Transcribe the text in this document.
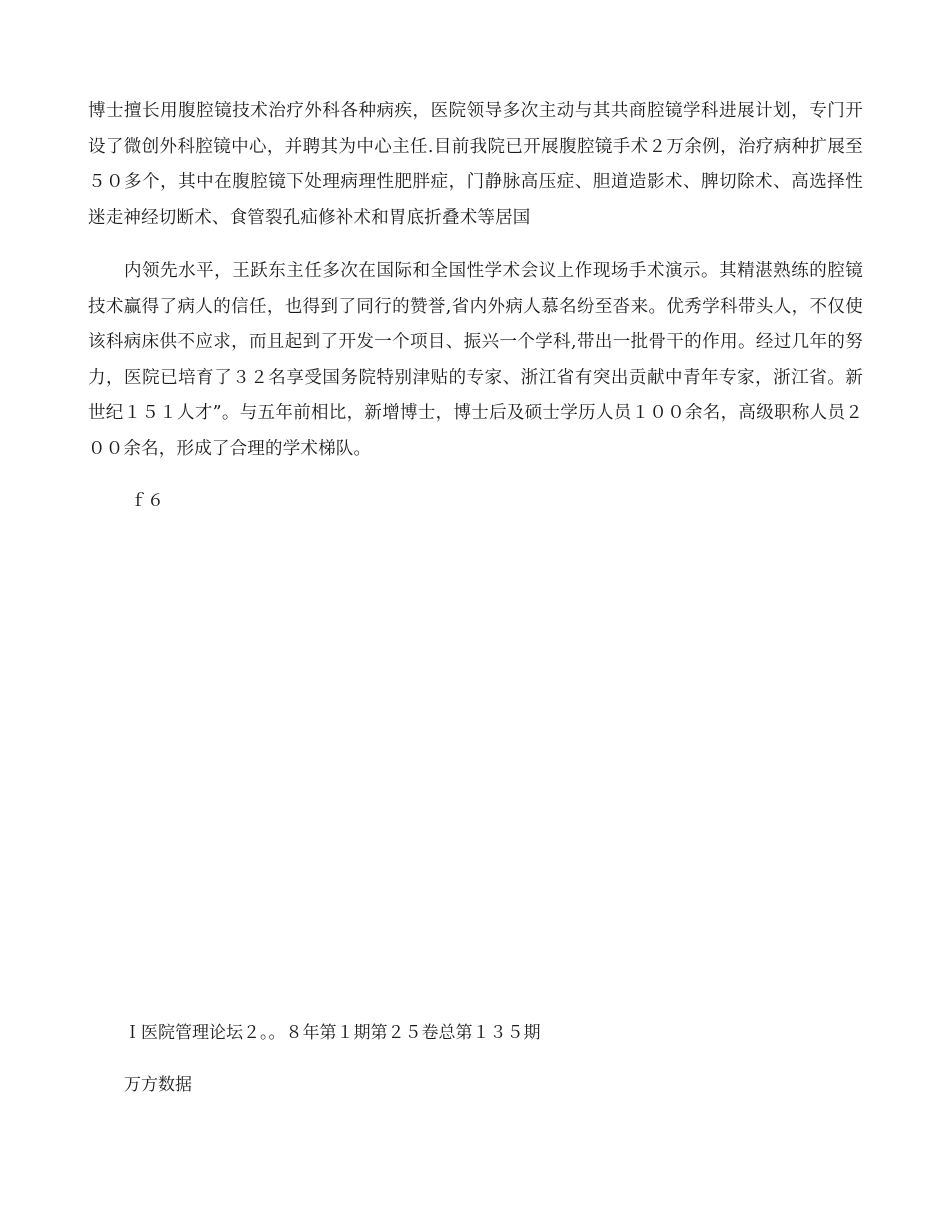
博士擅长用腹腔镜技术治疗外科各种病疾，医院领导多次主动与其共商腔镜学科进展计划，专门开设了微创外科腔镜中心，并聘其为中心主任.目前我院已开展腹腔镜手术２万余例，治疗病种扩展至５０多个，其中在腹腔镜下处理病理性肥胖症，门静脉高压症、胆道造影术、脾切除术、高选择性迷走神经切断术、食管裂孔疝修补术和胃底折叠术等居国

内领先水平，王跃东主任多次在国际和全国性学术会议上作现场手术演示。其精湛熟练的腔镜技术赢得了病人的信任，也得到了同行的赞誉,省内外病人慕名纷至沓来。优秀学科带头人，不仅使该科病床供不应求，而且起到了开发一个项目、振兴一个学科,带出一批骨干的作用。经过几年的努力，医院已培育了３２名享受国务院特别津贴的专家、浙江省有突出贡献中青年专家，浙江省。新世纪１５１人才”。与五年前相比，新增博士，博士后及硕士学历人员１００余名，高级职称人员２００余名，形成了合理的学术梯队。

ｆ６

Ｉ医院管理论坛２。。８年第１期第２５卷总第１３５期

万方数据
